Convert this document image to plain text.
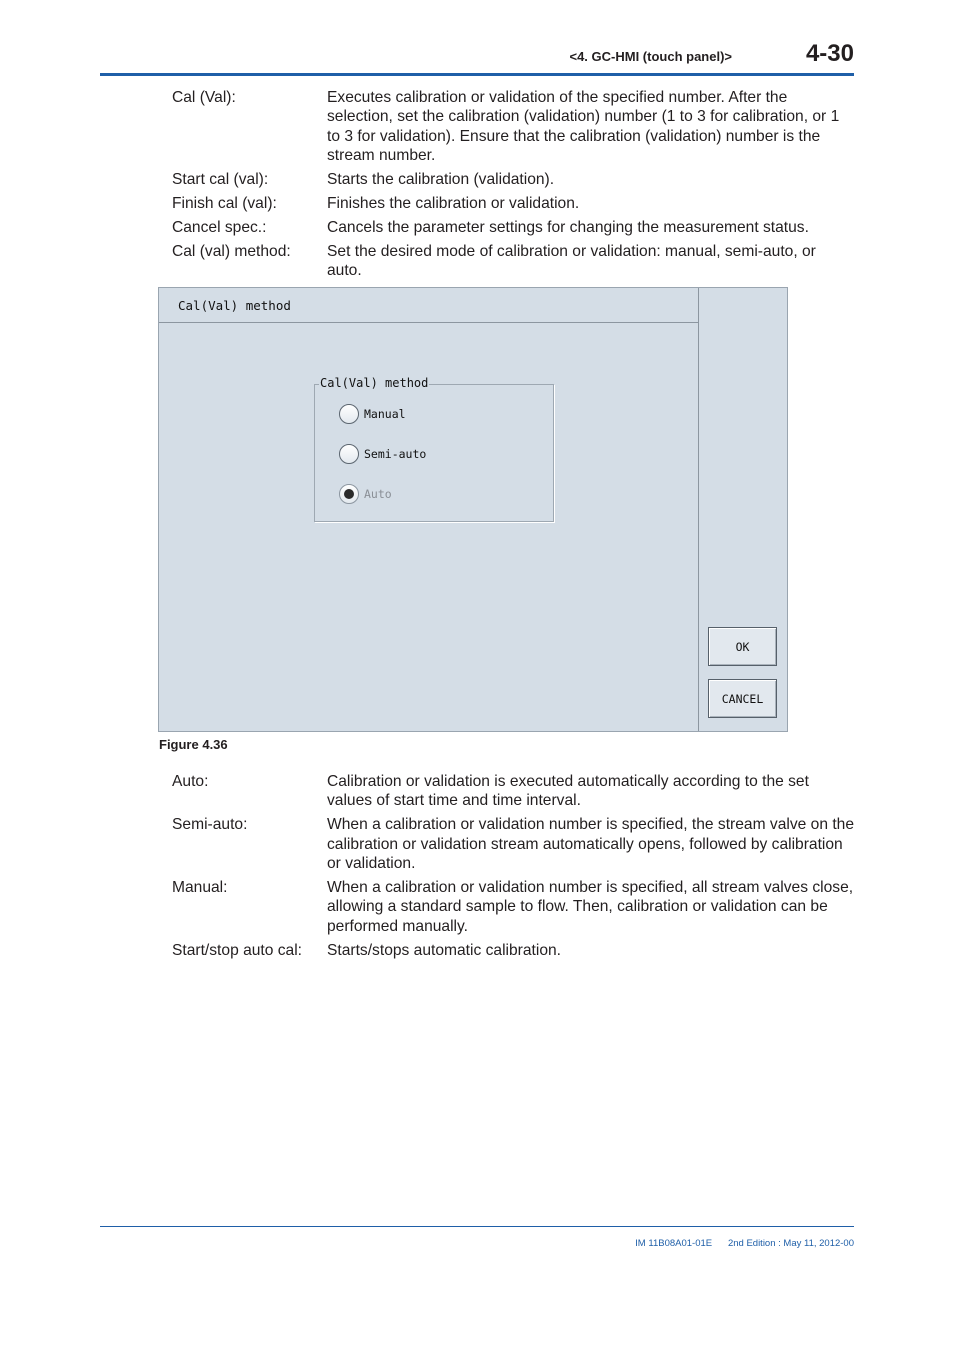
<4. GC-HMI (touch panel)>	4-30
Cal (Val):	Executes calibration or validation of the specified number. After the selection, set the calibration (validation) number (1 to 3 for calibration, or 1 to 3 for validation). Ensure that the calibration (validation) number is the stream number.
Start cal (val):	Starts the calibration (validation).
Finish cal (val):	Finishes the calibration or validation.
Cancel spec.:	Cancels the parameter settings for changing the measurement status.
Cal (val) method:	Set the desired mode of calibration or validation: manual, semi-auto, or auto.
Cal(Val) method
Cal(Val) method
Manual
Semi-auto
Auto
OK
CANCEL
Figure 4.36
Auto:	Calibration or validation is executed automatically according to the set values of start time and time interval.
Semi-auto:	When a calibration or validation number is specified, the stream valve on the calibration or validation stream automatically opens, followed by calibration or validation.
Manual:	When a calibration or validation number is specified, all stream valves close, allowing a standard sample to flow. Then, calibration or validation can be performed manually.
Start/stop auto cal:	Starts/stops automatic calibration.
IM 11B08A01-01E 2nd Edition : May 11, 2012-00
